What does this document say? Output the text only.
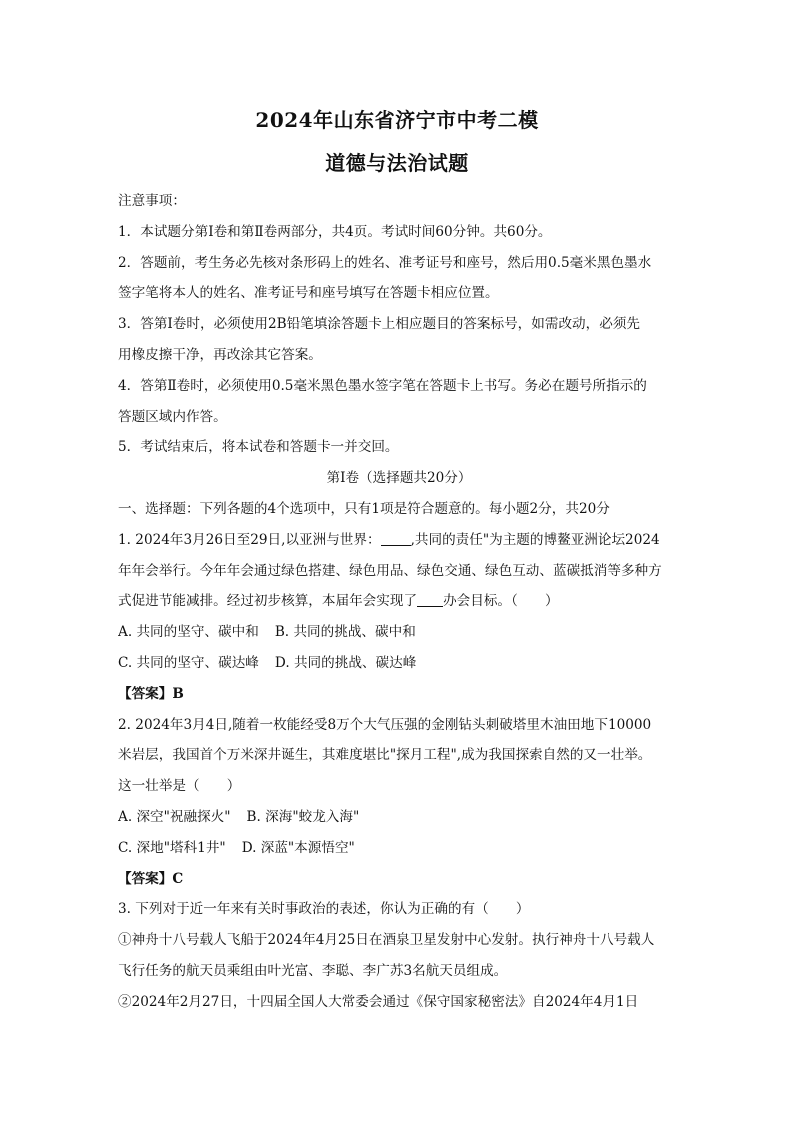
2024年山东省济宁市中考二模
道德与法治试题
注意事项：
1．本试题分第Ⅰ卷和第Ⅱ卷两部分，共4页。考试时间60分钟。共60分。
2．答题前，考生务必先核对条形码上的姓名、准考证号和座号，然后用0.5毫米黑色墨水
签字笔将本人的姓名、准考证号和座号填写在答题卡相应位置。
3．答第Ⅰ卷时，必须使用2B铅笔填涂答题卡上相应题目的答案标号，如需改动，必须先
用橡皮擦干净，再改涂其它答案。
4．答第Ⅱ卷时，必须使用0.5毫米黑色墨水签字笔在答题卡上书写。务必在题号所指示的
答题区域内作答。
5．考试结束后，将本试卷和答题卡一并交回。
第Ⅰ卷（选择题共20分）
一、选择题：下列各题的4个选项中，只有1项是符合题意的。每小题2分，共20分
1. 2024年3月26日至29日,以亚洲与世界： ,共同的责任"为主题的博鳌亚洲论坛2024
年年会举行。今年年会通过绿色搭建、绿色用品、绿色交通、绿色互动、蓝碳抵消等多种方
式促进节能减排。经过初步核算，本届年会实现了 办会目标。（　　）
A. 共同的坚守、碳中和 B. 共同的挑战、碳中和
C. 共同的坚守、碳达峰 D. 共同的挑战、碳达峰
【答案】B
2. 2024年3月4日,随着一枚能经受8万个大气压强的金刚钻头刺破塔里木油田地下10000
米岩层，我国首个万米深井诞生，其难度堪比"探月工程",成为我国探索自然的又一壮举。
这一壮举是（　　）
A. 深空"祝融探火" B. 深海"蛟龙入海"
C. 深地"塔科1井" D. 深蓝"本源悟空"
【答案】C
3. 下列对于近一年来有关时事政治的表述，你认为正确的有（　　）
①神舟十八号载人飞船于2024年4月25日在酒泉卫星发射中心发射。执行神舟十八号载人
飞行任务的航天员乘组由叶光富、李聪、李广苏3名航天员组成。
②2024年2月27日，十四届全国人大常委会通过《保守国家秘密法》自2024年4月1日
